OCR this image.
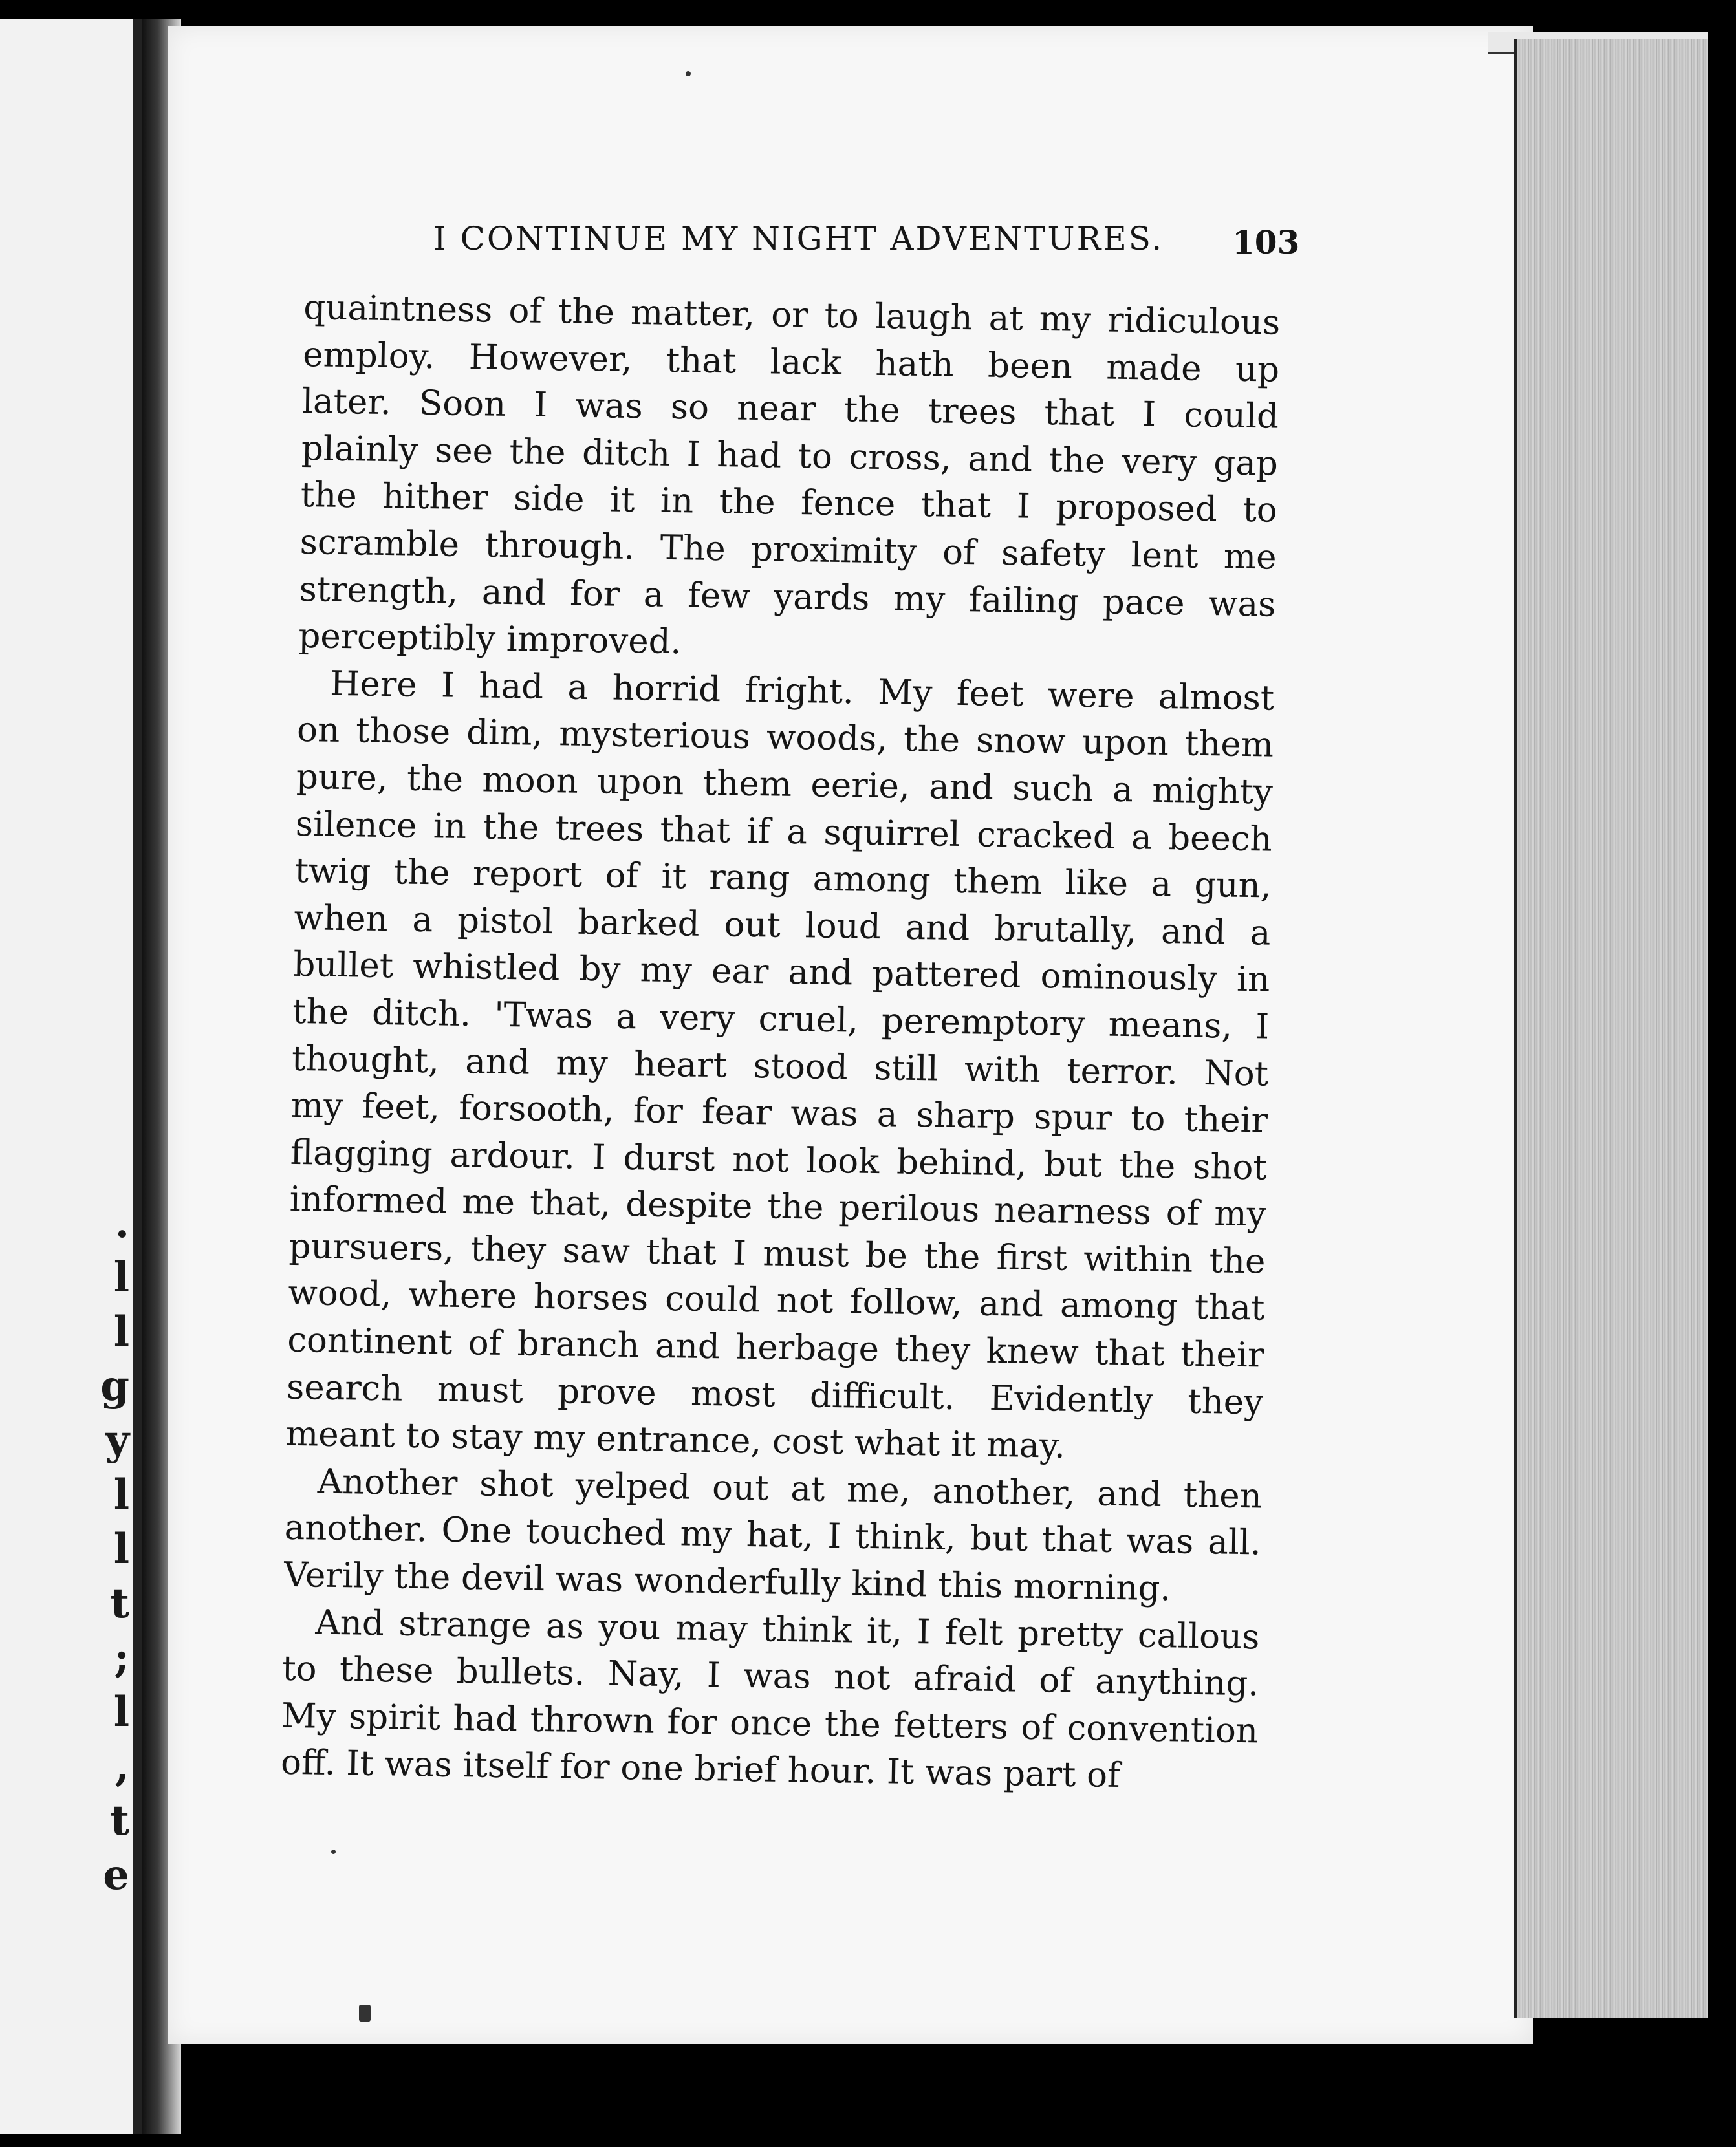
.
l
l
g
y
l
l
t
;
l
,
t
e
I CONTINUE MY NIGHT ADVENTURES.	103
quaintness of the matter, or to laugh at my ridiculous
employ. However, that lack hath been made up
later. Soon I was so near the trees that I could
plainly see the ditch I had to cross, and the very gap
the hither side it in the fence that I proposed to
scramble through. The proximity of safety lent me
strength, and for a few yards my failing pace was
perceptibly improved.
Here I had a horrid fright. My feet were almost
on those dim, mysterious woods, the snow upon them
pure, the moon upon them eerie, and such a mighty
silence in the trees that if a squirrel cracked a beech
twig the report of it rang among them like a gun,
when a pistol barked out loud and brutally, and a
bullet whistled by my ear and pattered ominously in
the ditch. 'Twas a very cruel, peremptory means, I
thought, and my heart stood still with terror. Not
my feet, forsooth, for fear was a sharp spur to their
flagging ardour. I durst not look behind, but the shot
informed me that, despite the perilous nearness of my
pursuers, they saw that I must be the first within the
wood, where horses could not follow, and among that
continent of branch and herbage they knew that their
search must prove most difficult. Evidently they
meant to stay my entrance, cost what it may.
Another shot yelped out at me, another, and then
another. One touched my hat, I think, but that was all.
Verily the devil was wonderfully kind this morning.
And strange as you may think it, I felt pretty callous
to these bullets. Nay, I was not afraid of anything.
My spirit had thrown for once the fetters of convention
off. It was itself for one brief hour. It was part of
